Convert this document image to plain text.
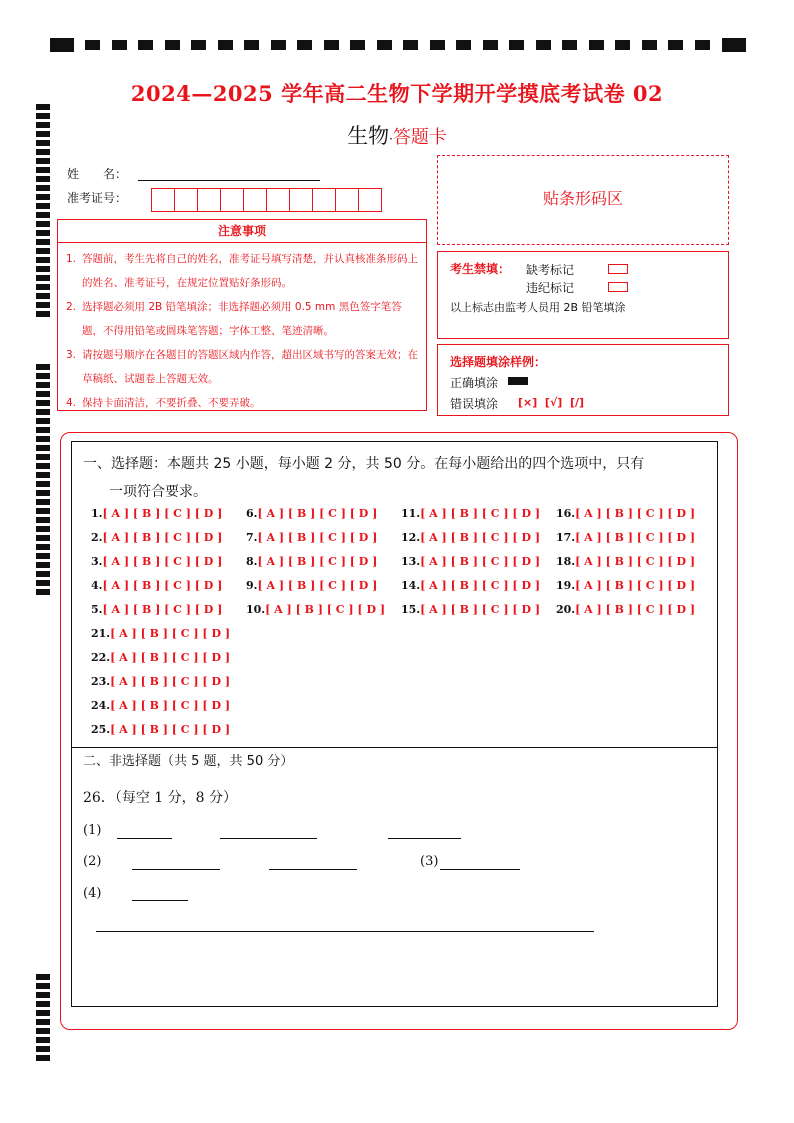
2024—2025 学年高二生物下学期开学摸底考试卷 02
生物·答题卡
姓　　名：
准考证号：
注意事项
1. 答题前，考生先将自己的姓名，准考证号填写清楚，并认真核准条形码上的姓名、准考证号，在规定位置贴好条形码。
2. 选择题必须用 2B 铅笔填涂；非选择题必须用 0.5 mm 黑色签字笔答题，不得用铅笔或圆珠笔答题；字体工整、笔迹清晰。
3. 请按题号顺序在各题目的答题区域内作答，超出区域书写的答案无效；在草稿纸、试题卷上答题无效。
4. 保持卡面清洁，不要折叠、不要弄破。
贴条形码区
考生禁填： 缺考标记
违纪标记
以上标志由监考人员用 2B 铅笔填涂
选择题填涂样例：
正确填涂
错误填涂 [×]  [√]  [/]
一、选择题：本题共 25 小题，每小题 2 分，共 50 分。在每小题给出的四个选项中，只有
一项符合要求。
1.[ A ] [ B ] [ C ] [ D ]
2.[ A ] [ B ] [ C ] [ D ]
3.[ A ] [ B ] [ C ] [ D ]
4.[ A ] [ B ] [ C ] [ D ]
5.[ A ] [ B ] [ C ] [ D ]
6.[ A ] [ B ] [ C ] [ D ]
7.[ A ] [ B ] [ C ] [ D ]
8.[ A ] [ B ] [ C ] [ D ]
9.[ A ] [ B ] [ C ] [ D ]
10.[ A ] [ B ] [ C ] [ D ]
11.[ A ] [ B ] [ C ] [ D ]
12.[ A ] [ B ] [ C ] [ D ]
13.[ A ] [ B ] [ C ] [ D ]
14.[ A ] [ B ] [ C ] [ D ]
15.[ A ] [ B ] [ C ] [ D ]
16.[ A ] [ B ] [ C ] [ D ]
17.[ A ] [ B ] [ C ] [ D ]
18.[ A ] [ B ] [ C ] [ D ]
19.[ A ] [ B ] [ C ] [ D ]
20.[ A ] [ B ] [ C ] [ D ]
21.[ A ] [ B ] [ C ] [ D ]
22.[ A ] [ B ] [ C ] [ D ]
23.[ A ] [ B ] [ C ] [ D ]
24.[ A ] [ B ] [ C ] [ D ]
25.[ A ] [ B ] [ C ] [ D ]
二、非选择题（共 5 题，共 50 分）
26．（每空 1 分，8 分）
(1)
(2)	(3)
(4)
